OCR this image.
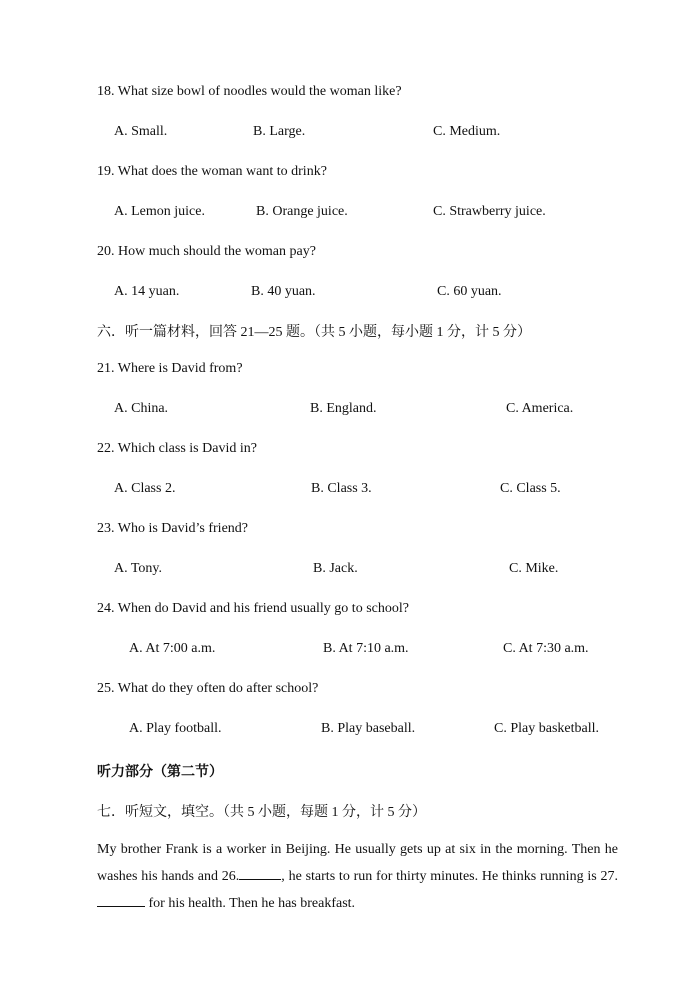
18. What size bowl of noodles would the woman like?
A. Small.	B. Large.	C. Medium.
19. What does the woman want to drink?
A. Lemon juice.	B. Orange juice.	C. Strawberry juice.
20. How much should the woman pay?
A. 14 yuan.	B. 40 yuan.	C. 60 yuan.
六．听一篇材料，回答 21—25 题。（共 5 小题，每小题 1 分，计 5 分）
21. Where is David from?
A. China.	B. England.	C. America.
22. Which class is David in?
A. Class 2.	B. Class 3.	C. Class 5.
23. Who is David’s friend?
A. Tony.	B. Jack.	C. Mike.
24. When do David and his friend usually go to school?
A. At 7:00 a.m.	B. At 7:10 a.m.	C. At 7:30 a.m.
25. What do they often do after school?
A. Play football.	B. Play baseball.	C. Play basketball.
听力部分（第二节）
七．听短文，填空。（共 5 小题，每题 1 分，计 5 分）
My brother Frank is a worker in Beijing. He usually gets up at six in the morning. Then he washes his hands and 26.	, he starts to run for thirty minutes. He thinks running is 27. for his health. Then he has breakfast.
